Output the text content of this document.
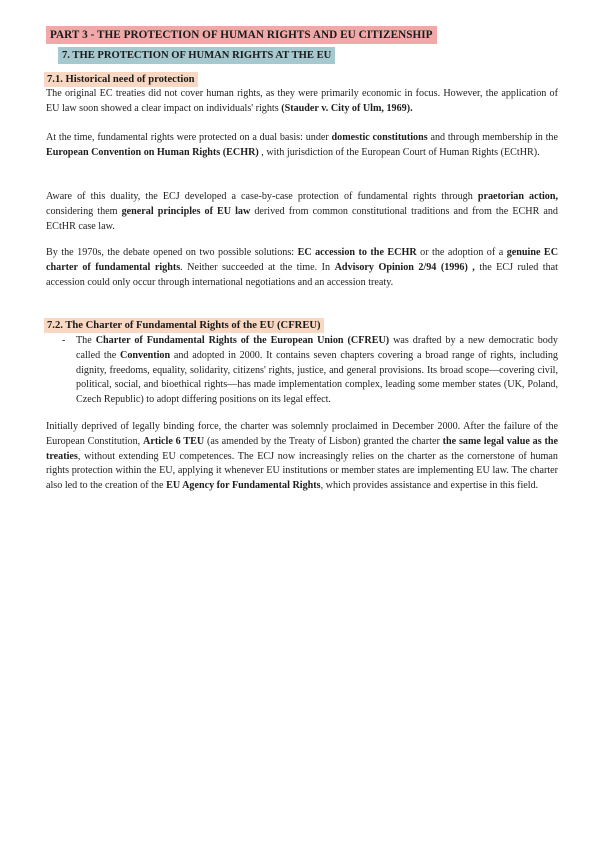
PART 3 - THE PROTECTION OF HUMAN RIGHTS AND EU CITIZENSHIP
7. THE PROTECTION OF HUMAN RIGHTS AT THE EU
7.1. Historical need of protection

The original EC treaties did not cover human rights, as they were primarily economic in focus. However, the application of EU law soon showed a clear impact on individuals' rights (Stauder v. City of Ulm, 1969).

At the time, fundamental rights were protected on a dual basis: under domestic constitutions and through membership in the European Convention on Human Rights (ECHR) , with jurisdiction of the European Court of Human Rights (ECtHR).

Aware of this duality, the ECJ developed a case-by-case protection of fundamental rights through praetorian action, considering them general principles of EU law derived from common constitutional traditions and from the ECHR and ECtHR case law.

By the 1970s, the debate opened on two possible solutions: EC accession to the ECHR or the adoption of a genuine EC charter of fundamental rights. Neither succeeded at the time. In Advisory Opinion 2/94 (1996) , the ECJ ruled that accession could only occur through international negotiations and an accession treaty.

7.2. The Charter of Fundamental Rights of the EU (CFREU)
- The Charter of Fundamental Rights of the European Union (CFREU) was drafted by a new democratic body called the Convention and adopted in 2000. It contains seven chapters covering a broad range of rights, including dignity, freedoms, equality, solidarity, citizens' rights, justice, and general provisions. Its broad scope—covering civil, political, social, and bioethical rights—has made implementation complex, leading some member states (UK, Poland, Czech Republic) to adopt differing positions on its legal effect.

Initially deprived of legally binding force, the charter was solemnly proclaimed in December 2000. After the failure of the European Constitution, Article 6 TEU (as amended by the Treaty of Lisbon) granted the charter the same legal value as the treaties, without extending EU competences. The ECJ now increasingly relies on the charter as the cornerstone of human rights protection within the EU, applying it whenever EU institutions or member states are implementing EU law. The charter also led to the creation of the EU Agency for Fundamental Rights, which provides assistance and expertise in this field.
